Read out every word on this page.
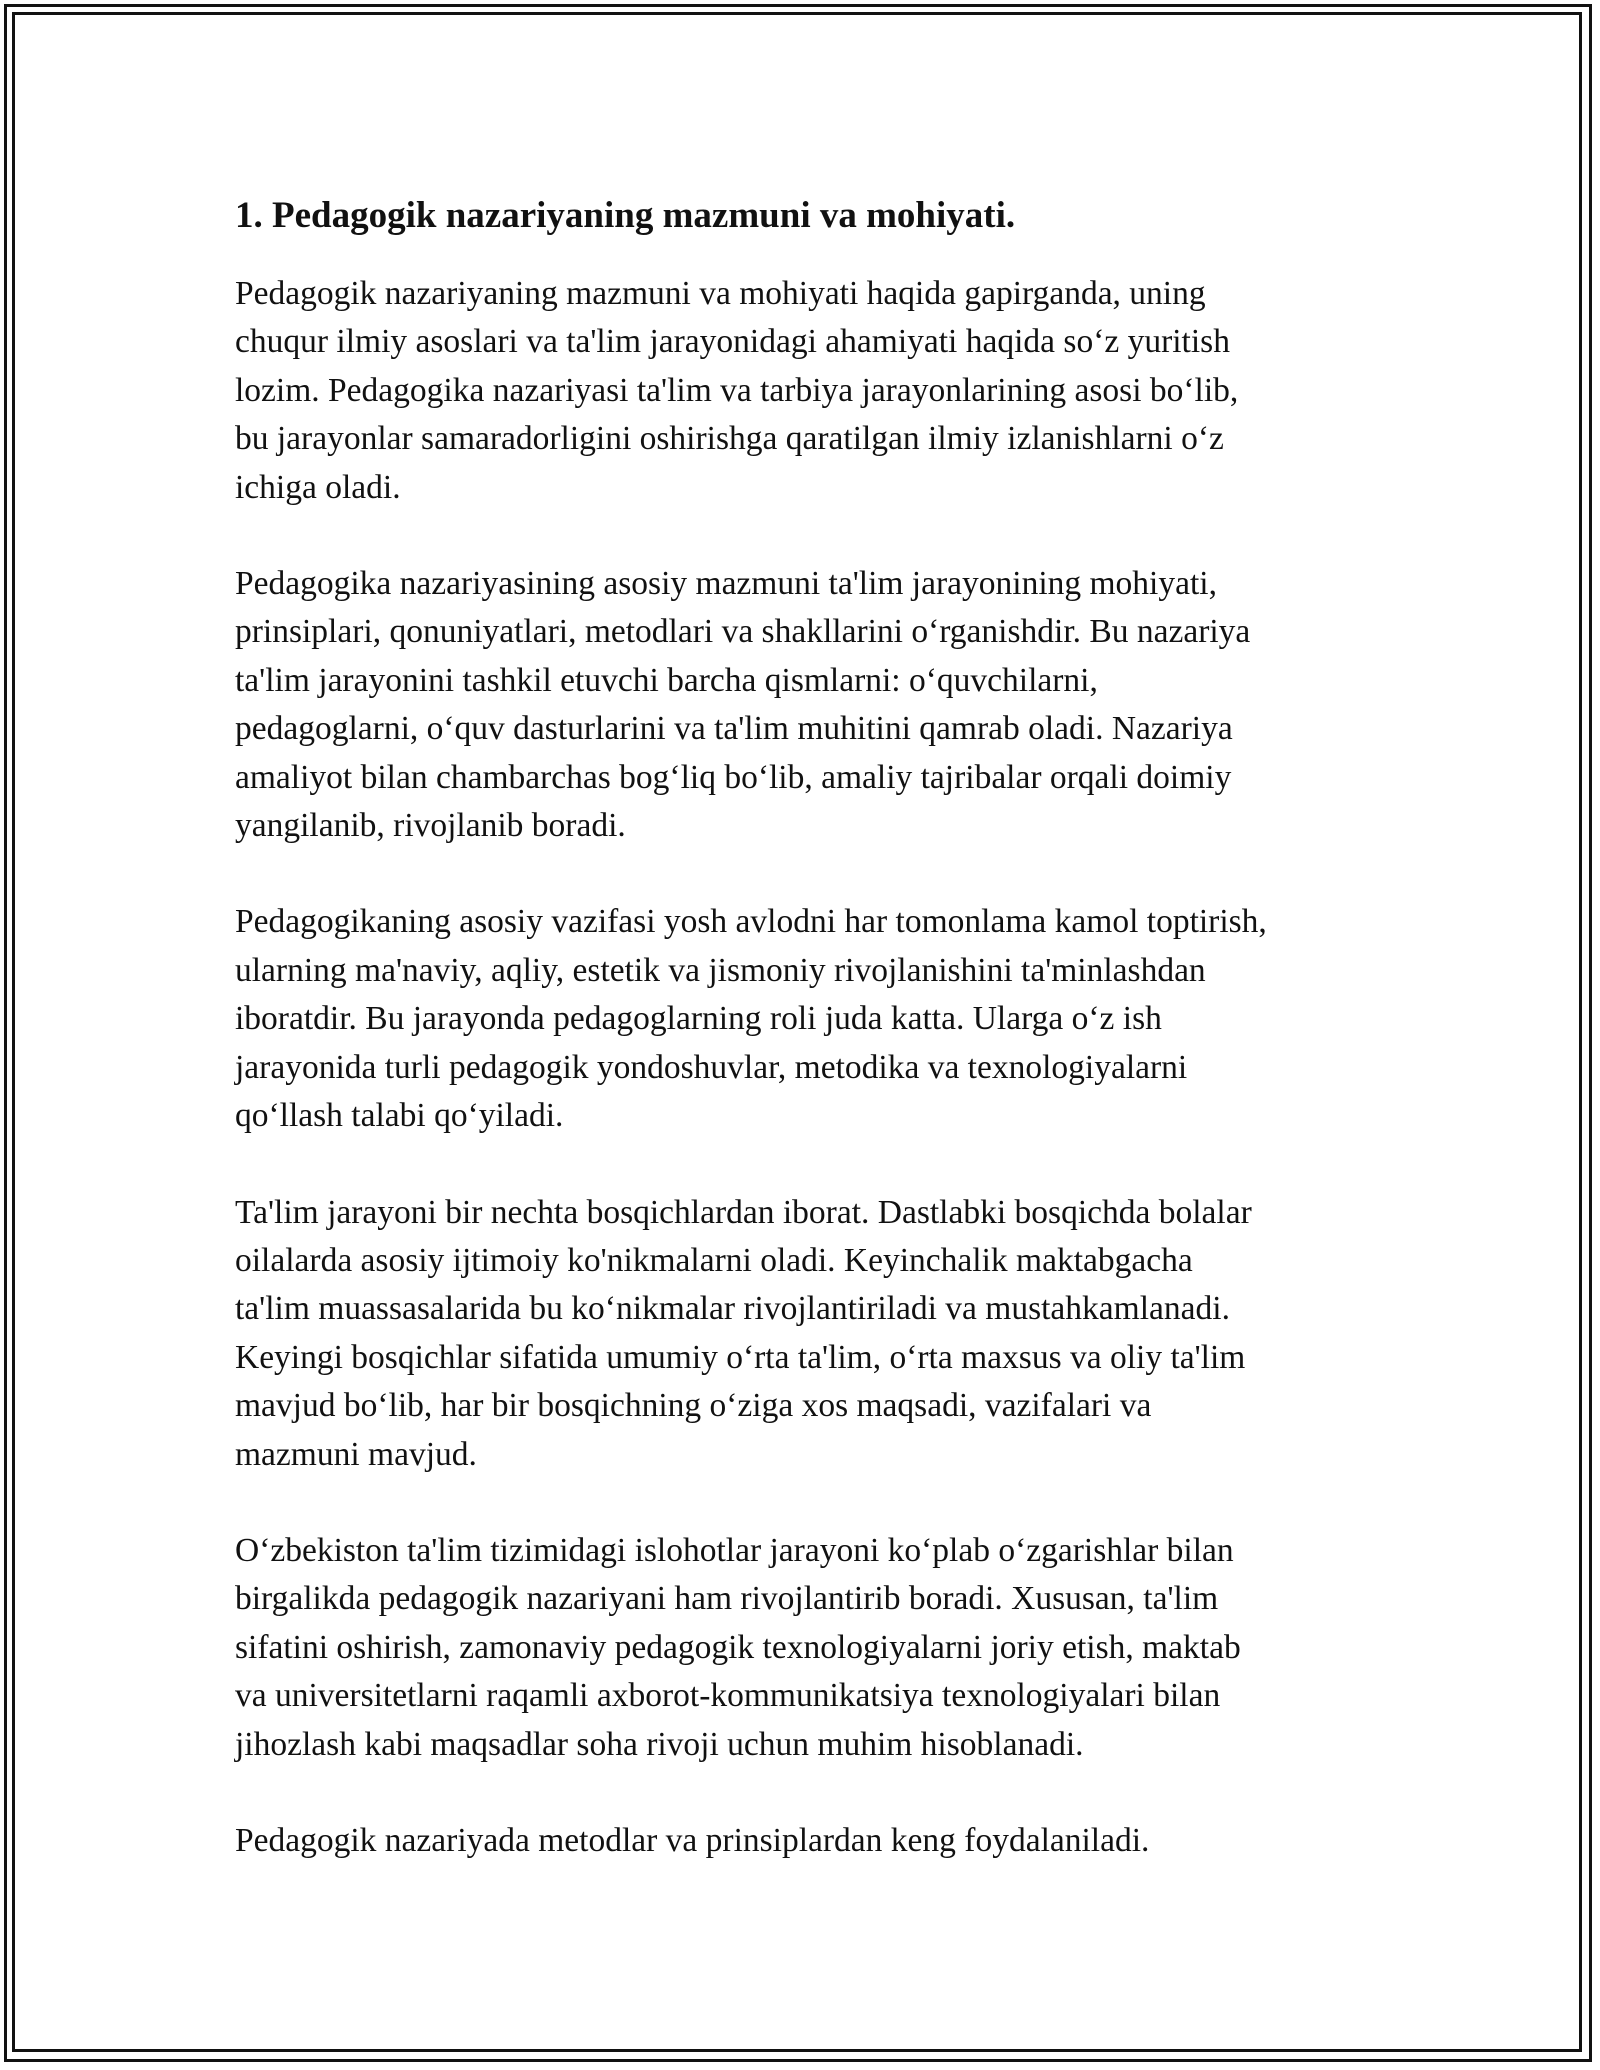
1. Pedagogik nazariyaning mazmuni va mohiyati.

Pedagogik nazariyaning mazmuni va mohiyati haqida gapirganda, uning
chuqur ilmiy asoslari va ta'lim jarayonidagi ahamiyati haqida soʻz yuritish
lozim. Pedagogika nazariyasi ta'lim va tarbiya jarayonlarining asosi boʻlib,
bu jarayonlar samaradorligini oshirishga qaratilgan ilmiy izlanishlarni oʻz
ichiga oladi.

Pedagogika nazariyasining asosiy mazmuni ta'lim jarayonining mohiyati,
prinsiplari, qonuniyatlari, metodlari va shakllarini oʻrganishdir. Bu nazariya
ta'lim jarayonini tashkil etuvchi barcha qismlarni: oʻquvchilarni,
pedagoglarni, oʻquv dasturlarini va ta'lim muhitini qamrab oladi. Nazariya
amaliyot bilan chambarchas bogʻliq boʻlib, amaliy tajribalar orqali doimiy
yangilanib, rivojlanib boradi.

Pedagogikaning asosiy vazifasi yosh avlodni har tomonlama kamol toptirish,
ularning ma'naviy, aqliy, estetik va jismoniy rivojlanishini ta'minlashdan
iboratdir. Bu jarayonda pedagoglarning roli juda katta. Ularga oʻz ish
jarayonida turli pedagogik yondoshuvlar, metodika va texnologiyalarni
qoʻllash talabi qoʻyiladi.

Ta'lim jarayoni bir nechta bosqichlardan iborat. Dastlabki bosqichda bolalar
oilalarda asosiy ijtimoiy ko'nikmalarni oladi. Keyinchalik maktabgacha
ta'lim muassasalarida bu koʻnikmalar rivojlantiriladi va mustahkamlanadi.
Keyingi bosqichlar sifatida umumiy oʻrta ta'lim, oʻrta maxsus va oliy ta'lim
mavjud boʻlib, har bir bosqichning oʻziga xos maqsadi, vazifalari va
mazmuni mavjud.

Oʻzbekiston ta'lim tizimidagi islohotlar jarayoni koʻplab oʻzgarishlar bilan
birgalikda pedagogik nazariyani ham rivojlantirib boradi. Xususan, ta'lim
sifatini oshirish, zamonaviy pedagogik texnologiyalarni joriy etish, maktab
va universitetlarni raqamli axborot-kommunikatsiya texnologiyalari bilan
jihozlash kabi maqsadlar soha rivoji uchun muhim hisoblanadi.

Pedagogik nazariyada metodlar va prinsiplardan keng foydalaniladi.
